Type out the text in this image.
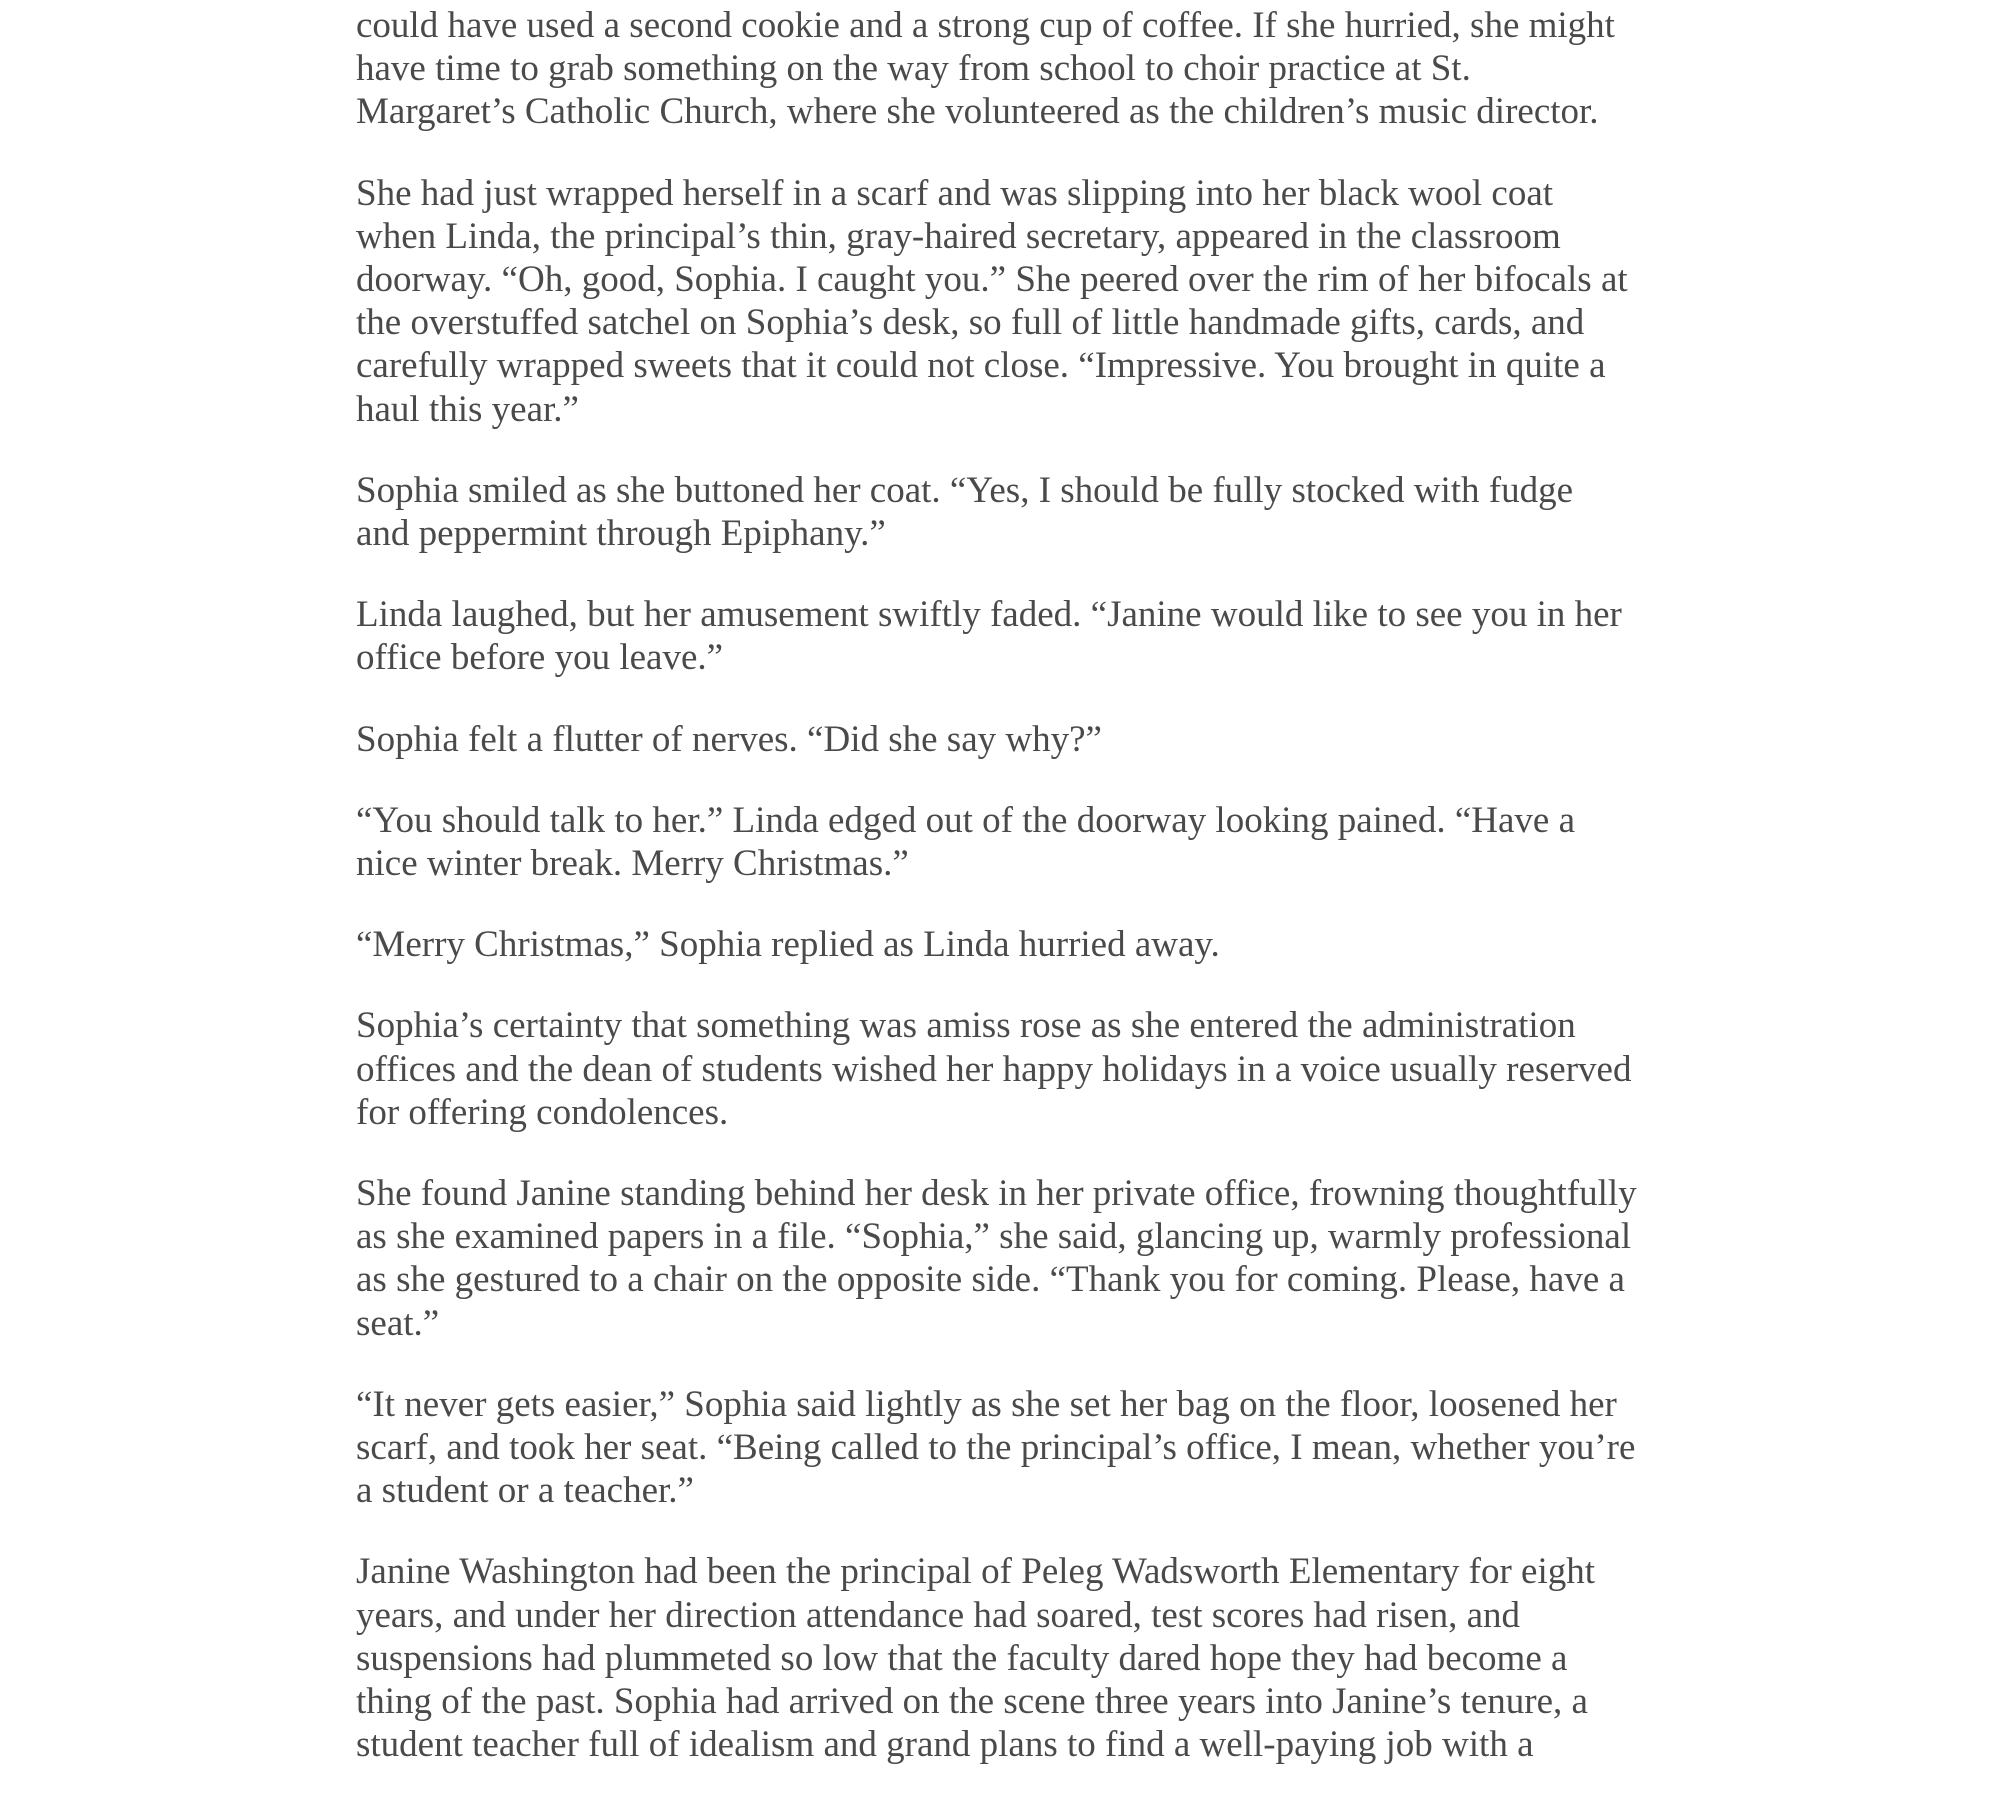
could have used a second cookie and a strong cup of coffee. If she hurried, she might
have time to grab something on the way from school to choir practice at St.
Margaret’s Catholic Church, where she volunteered as the children’s music director.

She had just wrapped herself in a scarf and was slipping into her black wool coat
when Linda, the principal’s thin, gray-haired secretary, appeared in the classroom
doorway. “Oh, good, Sophia. I caught you.” She peered over the rim of her bifocals at
the overstuffed satchel on Sophia’s desk, so full of little handmade gifts, cards, and
carefully wrapped sweets that it could not close. “Impressive. You brought in quite a
haul this year.”

Sophia smiled as she buttoned her coat. “Yes, I should be fully stocked with fudge
and peppermint through Epiphany.”

Linda laughed, but her amusement swiftly faded. “Janine would like to see you in her
office before you leave.”

Sophia felt a flutter of nerves. “Did she say why?”

“You should talk to her.” Linda edged out of the doorway looking pained. “Have a
nice winter break. Merry Christmas.”

“Merry Christmas,” Sophia replied as Linda hurried away.

Sophia’s certainty that something was amiss rose as she entered the administration
offices and the dean of students wished her happy holidays in a voice usually reserved
for offering condolences.

She found Janine standing behind her desk in her private office, frowning thoughtfully
as she examined papers in a file. “Sophia,” she said, glancing up, warmly professional
as she gestured to a chair on the opposite side. “Thank you for coming. Please, have a
seat.”

“It never gets easier,” Sophia said lightly as she set her bag on the floor, loosened her
scarf, and took her seat. “Being called to the principal’s office, I mean, whether you’re
a student or a teacher.”

Janine Washington had been the principal of Peleg Wadsworth Elementary for eight
years, and under her direction attendance had soared, test scores had risen, and
suspensions had plummeted so low that the faculty dared hope they had become a
thing of the past. Sophia had arrived on the scene three years into Janine’s tenure, a
student teacher full of idealism and grand plans to find a well-paying job with a
